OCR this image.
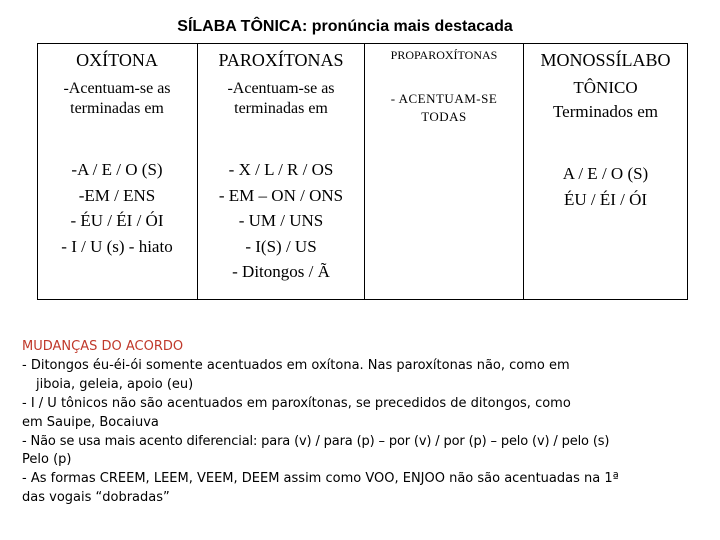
SÍLABA TÔNICA: pronúncia mais destacada
OXÍTONA
-Acentuam-se as
terminadas em
-A / E / O (S)
-EM / ENS
- ÉU / ÉI / ÓI
- I / U (s) - hiato
PAROXÍTONAS
-Acentuam-se as
terminadas em
- X / L / R / OS
- EM – ON / ONS
- UM / UNS
- I(S) / US
- Ditongos / Ã
PROPAROXÍTONAS
- ACENTUAM-SE
TODAS
MONOSSÍLABO
TÔNICO
Terminados em
A / E / O (S)
ÉU / ÉI / ÓI
MUDANÇAS DO ACORDO
- Ditongos éu-éi-ói somente acentuados em oxítona. Nas paroxítonas não, como em
jiboia, geleia, apoio (eu)
- I / U tônicos não são acentuados em paroxítonas, se precedidos de ditongos, como
em Sauipe, Bocaiuva
- Não se usa mais acento diferencial: para (v) / para (p) – por (v) / por (p) – pelo (v) / pelo (s)
Pelo (p)
- As formas CREEM, LEEM, VEEM, DEEM assim como VOO, ENJOO não são acentuadas na 1ª
das vogais “dobradas”
